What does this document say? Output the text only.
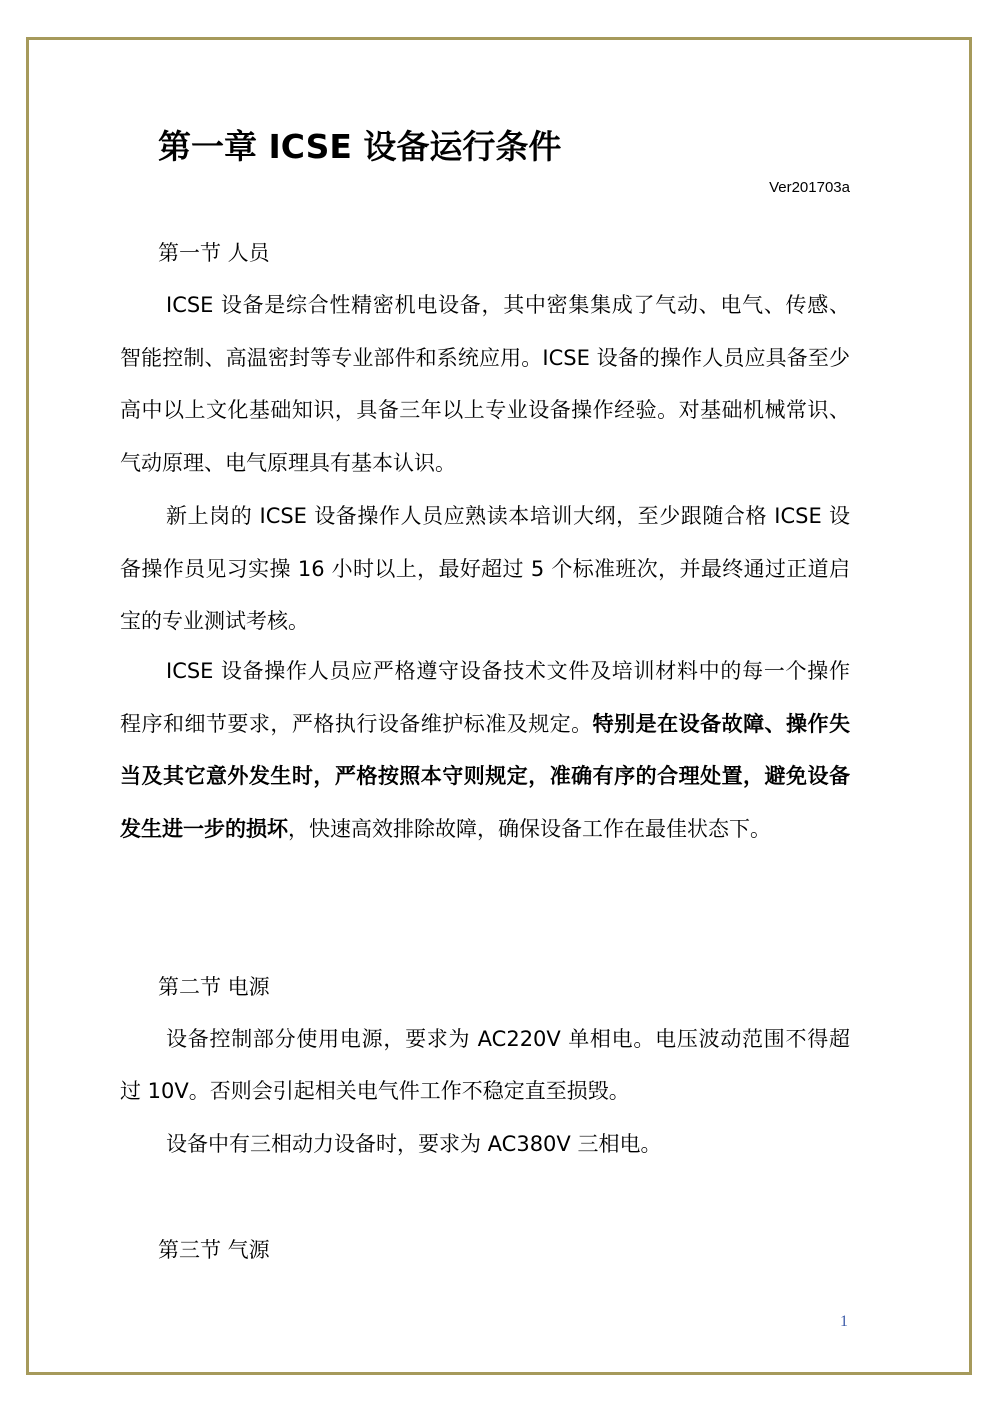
第一章 ICSE 设备运行条件
Ver201703a
第一节 人员

ICSE 设备是综合性精密机电设备，其中密集集成了气动、电气、传感、智能控制、高温密封等专业部件和系统应用。ICSE 设备的操作人员应具备至少高中以上文化基础知识，具备三年以上专业设备操作经验。对基础机械常识、气动原理、电气原理具有基本认识。

新上岗的 ICSE 设备操作人员应熟读本培训大纲，至少跟随合格 ICSE 设备操作员见习实操 16 小时以上，最好超过 5 个标准班次，并最终通过正道启宝的专业测试考核。

ICSE 设备操作人员应严格遵守设备技术文件及培训材料中的每一个操作程序和细节要求，严格执行设备维护标准及规定。特别是在设备故障、操作失当及其它意外发生时，严格按照本守则规定，准确有序的合理处置，避免设备发生进一步的损坏，快速高效排除故障，确保设备工作在最佳状态下。

第二节 电源

设备控制部分使用电源，要求为 AC220V 单相电。电压波动范围不得超过 10V。否则会引起相关电气件工作不稳定直至损毁。

设备中有三相动力设备时，要求为 AC380V 三相电。

第三节 气源
1
